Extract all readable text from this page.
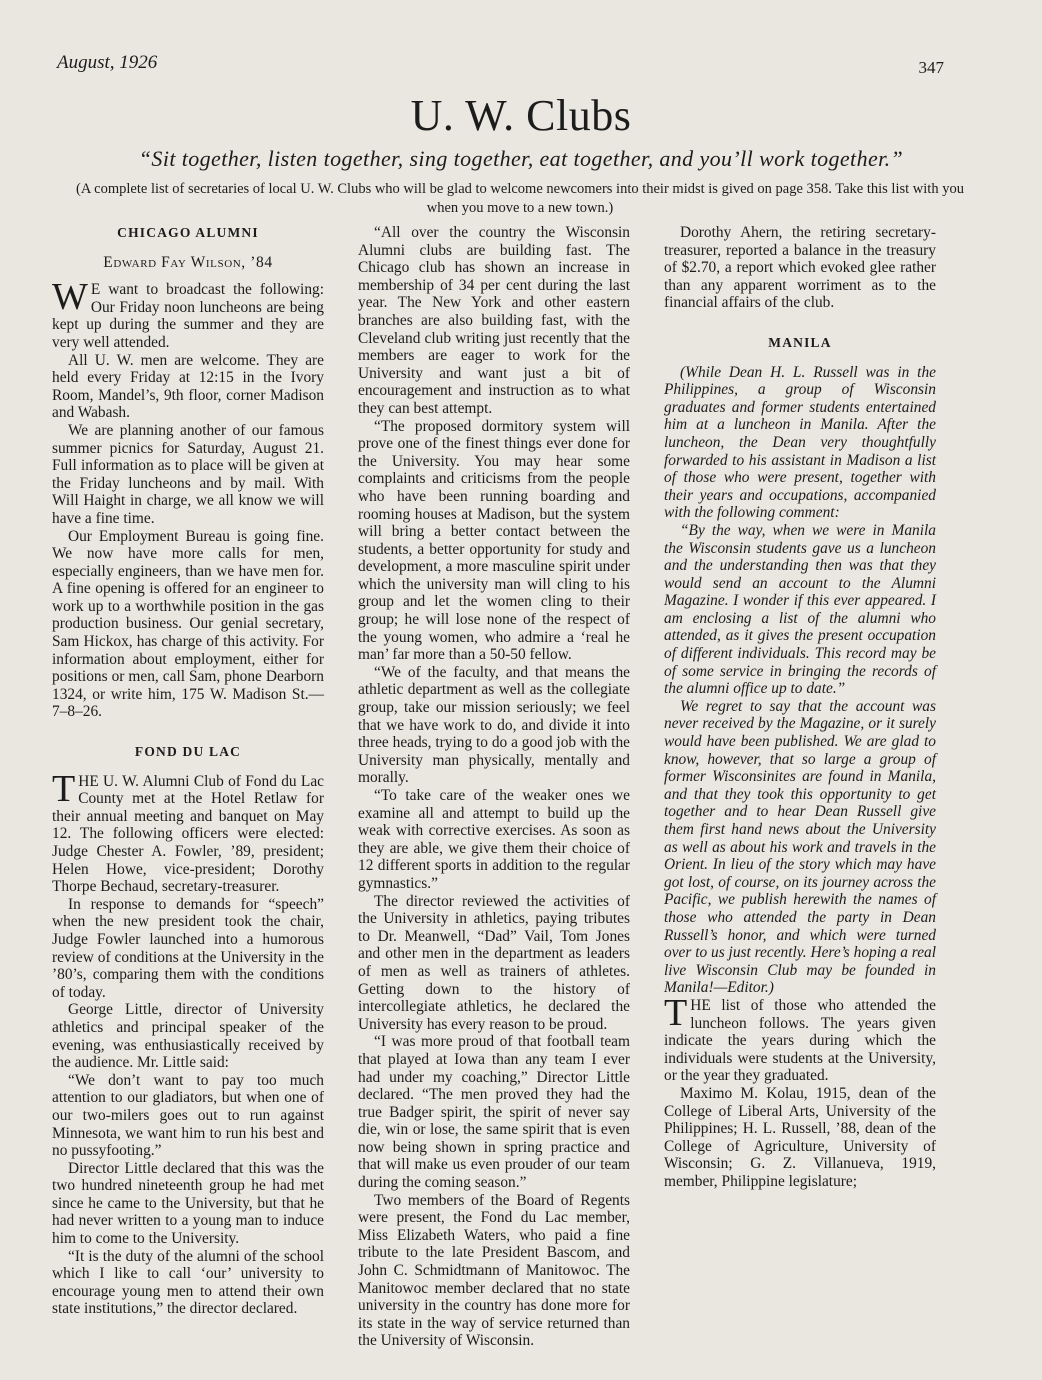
August, 1926	347
U. W. Clubs
“Sit together, listen together, sing together, eat together, and you’ll work together.”
(A complete list of secretaries of local U. W. Clubs who will be glad to welcome newcomers into their midst is gived on page 358. Take this list with you when you move to a new town.)
CHICAGO ALUMNI
Edward Fay Wilson, ’84

W E want to broadcast the following: Our Friday noon luncheons are being kept up during the summer and they are very well attended.

All U. W. men are welcome. They are held every Friday at 12:15 in the Ivory Room, Mandel’s, 9th floor, corner Madison and Wabash.

We are planning another of our famous summer picnics for Saturday, August 21. Full information as to place will be given at the Friday luncheons and by mail. With Will Haight in charge, we all know we will have a fine time.

Our Employment Bureau is going fine. We now have more calls for men, especially engineers, than we have men for. A fine opening is offered for an engineer to work up to a worthwhile position in the gas production business. Our genial secretary, Sam Hickox, has charge of this activity. For information about employment, either for positions or men, call Sam, phone Dearborn 1324, or write him, 175 W. Madison St.—7–8–26.

FOND DU LAC

THE U. W. Alumni Club of Fond du Lac County met at the Hotel Retlaw for their annual meeting and banquet on May 12. The following officers were elected: Judge Chester A. Fowler, ’89, president; Helen Howe, vice-president; Dorothy Thorpe Bechaud, secretary-treasurer.

In response to demands for “speech” when the new president took the chair, Judge Fowler launched into a humorous review of conditions at the University in the ’80’s, comparing them with the conditions of today.

George Little, director of University athletics and principal speaker of the evening, was enthusiastically received by the audience. Mr. Little said:

“We don’t want to pay too much attention to our gladiators, but when one of our two-milers goes out to run against Minnesota, we want him to run his best and no pussyfooting.”

Director Little declared that this was the two hundred nineteenth group he had met since he came to the University, but that he had never written to a young man to induce him to come to the University.

“It is the duty of the alumni of the school which I like to call ‘our’ university to encourage young men to attend their own state institutions,” the director declared.

“All over the country the Wisconsin Alumni clubs are building fast. The Chicago club has shown an increase in membership of 34 per cent during the last year. The New York and other eastern branches are also building fast, with the Cleveland club writing just recently that the members are eager to work for the University and want just a bit of encouragement and instruction as to what they can best attempt.

“The proposed dormitory system will prove one of the finest things ever done for the University. You may hear some complaints and criticisms from the people who have been running boarding and rooming houses at Madison, but the system will bring a better contact between the students, a better opportunity for study and development, a more masculine spirit under which the university man will cling to his group and let the women cling to their group; he will lose none of the respect of the young women, who admire a ‘real he man’ far more than a 50-50 fellow.

“We of the faculty, and that means the athletic department as well as the collegiate group, take our mission seriously; we feel that we have work to do, and divide it into three heads, trying to do a good job with the University man physically, mentally and morally.

“To take care of the weaker ones we examine all and attempt to build up the weak with corrective exercises. As soon as they are able, we give them their choice of 12 different sports in addition to the regular gymnastics.”

The director reviewed the activities of the University in athletics, paying tributes to Dr. Meanwell, “Dad” Vail, Tom Jones and other men in the department as leaders of men as well as trainers of athletes. Getting down to the history of intercollegiate athletics, he declared the University has every reason to be proud.

“I was more proud of that football team that played at Iowa than any team I ever had under my coaching,” Director Little declared. “The men proved they had the true Badger spirit, the spirit of never say die, win or lose, the same spirit that is even now being shown in spring practice and that will make us even prouder of our team during the coming season.”

Two members of the Board of Regents were present, the Fond du Lac member, Miss Elizabeth Waters, who paid a fine tribute to the late President Bascom, and John C. Schmidtmann of Manitowoc. The Manitowoc member declared that no state university in the country has done more for its state in the way of service returned than the University of Wisconsin.

Dorothy Ahern, the retiring secretary-treasurer, reported a balance in the treasury of $2.70, a report which evoked glee rather than any apparent worriment as to the financial affairs of the club.

MANILA

(While Dean H. L. Russell was in the Philippines, a group of Wisconsin graduates and former students entertained him at a luncheon in Manila. After the luncheon, the Dean very thoughtfully forwarded to his assistant in Madison a list of those who were present, together with their years and occupations, accompanied with the following comment:

“By the way, when we were in Manila the Wisconsin students gave us a luncheon and the understanding then was that they would send an account to the Alumni Magazine. I wonder if this ever appeared. I am enclosing a list of the alumni who attended, as it gives the present occupation of different individuals. This record may be of some service in bringing the records of the alumni office up to date.”

We regret to say that the account was never received by the Magazine, or it surely would have been published. We are glad to know, however, that so large a group of former Wisconsinites are found in Manila, and that they took this opportunity to get together and to hear Dean Russell give them first hand news about the University as well as about his work and travels in the Orient. In lieu of the story which may have got lost, of course, on its journey across the Pacific, we publish herewith the names of those who attended the party in Dean Russell’s honor, and which were turned over to us just recently. Here’s hoping a real live Wisconsin Club may be founded in Manila!—Editor.)

THE list of those who attended the luncheon follows. The years given indicate the years during which the individuals were students at the University, or the year they graduated.

Maximo M. Kolau, 1915, dean of the College of Liberal Arts, University of the Philippines; H. L. Russell, ’88, dean of the College of Agriculture, University of Wisconsin; G. Z. Villanueva, 1919, member, Philippine legislature;
